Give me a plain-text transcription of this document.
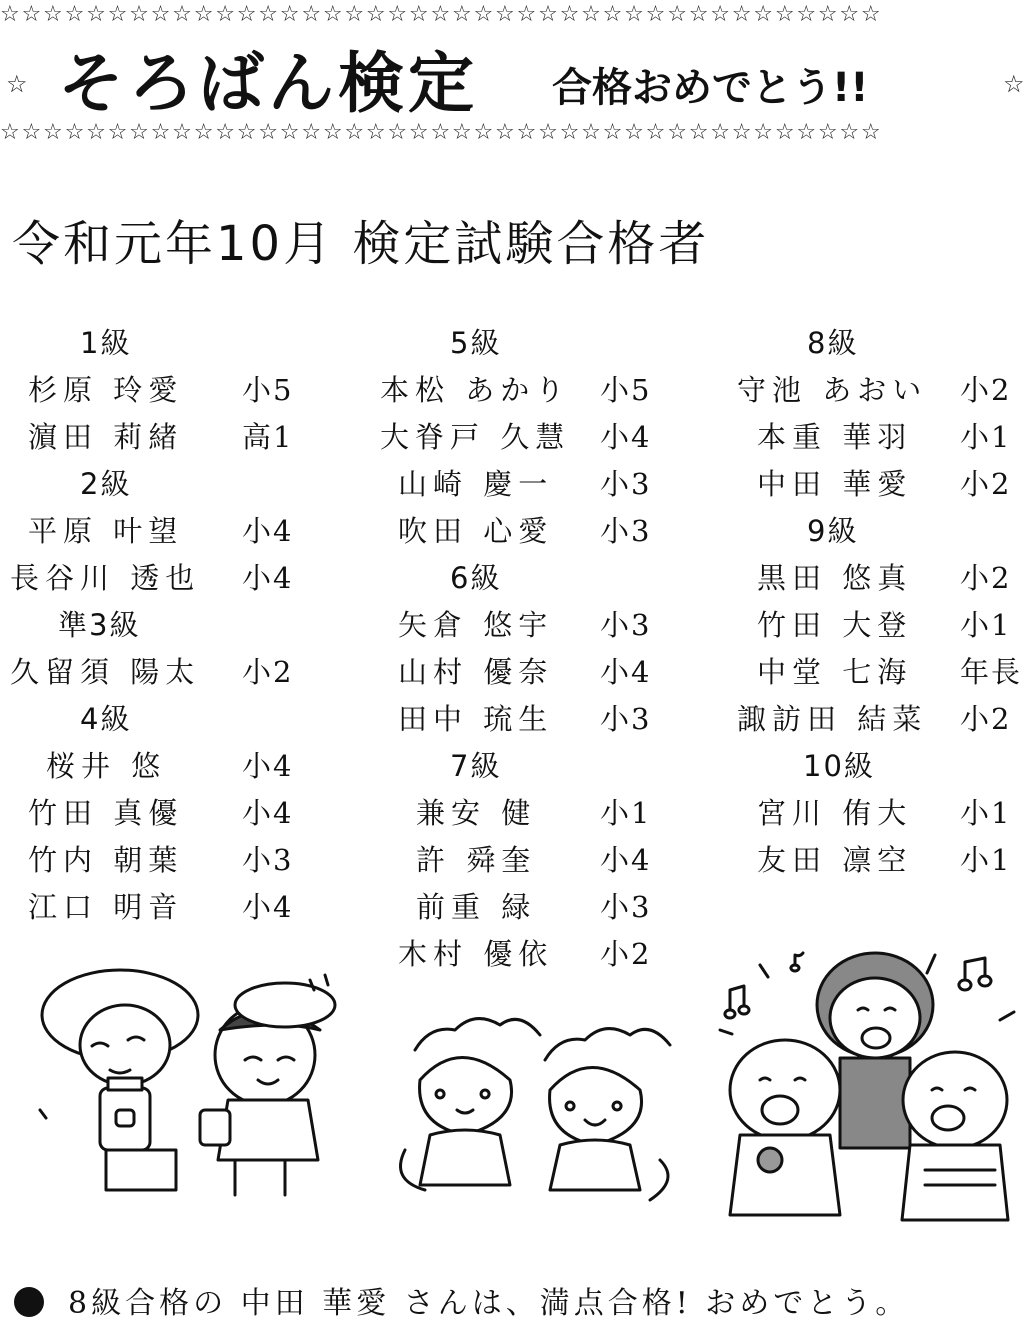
☆☆☆☆☆☆☆☆☆☆☆☆☆☆☆☆☆☆☆☆☆☆☆☆☆☆☆☆☆☆☆☆☆☆☆☆☆☆☆☆☆
☆ そろばん検定 合格おめでとう!!	☆
☆☆☆☆☆☆☆☆☆☆☆☆☆☆☆☆☆☆☆☆☆☆☆☆☆☆☆☆☆☆☆☆☆☆☆☆☆☆☆☆☆
令和元年10月 検定試験合格者
1級
杉原 玲愛 小5
濵田 莉緒 高1
2級
平原 叶望 小4
長谷川 透也 小4
準3級
久留須 陽太 小2
4級
桜井 悠	小4
竹田 真優 小4
竹内 朝葉 小3
江口 明音 小4
5級
本松 あかり 小5
大脊戸 久慧 小4
山崎 慶一 小3
吹田 心愛 小3
6級
矢倉 悠宇 小3
山村 優奈 小4
田中 琉生 小3
7級
兼安 健 小1
許 舜奎 小4
前重 緑 小3
木村 優依 小2
8級
守池 あおい 小2
本重 華羽 小1
中田 華愛 小2
9級
黒田 悠真 小2
竹田 大登 小1
中堂 七海 年長
諏訪田 結菜 小2
10級
宮川 侑大 小1
友田 凛空 小1
8級合格の 中田 華愛 さんは、満点合格! おめでとう。
